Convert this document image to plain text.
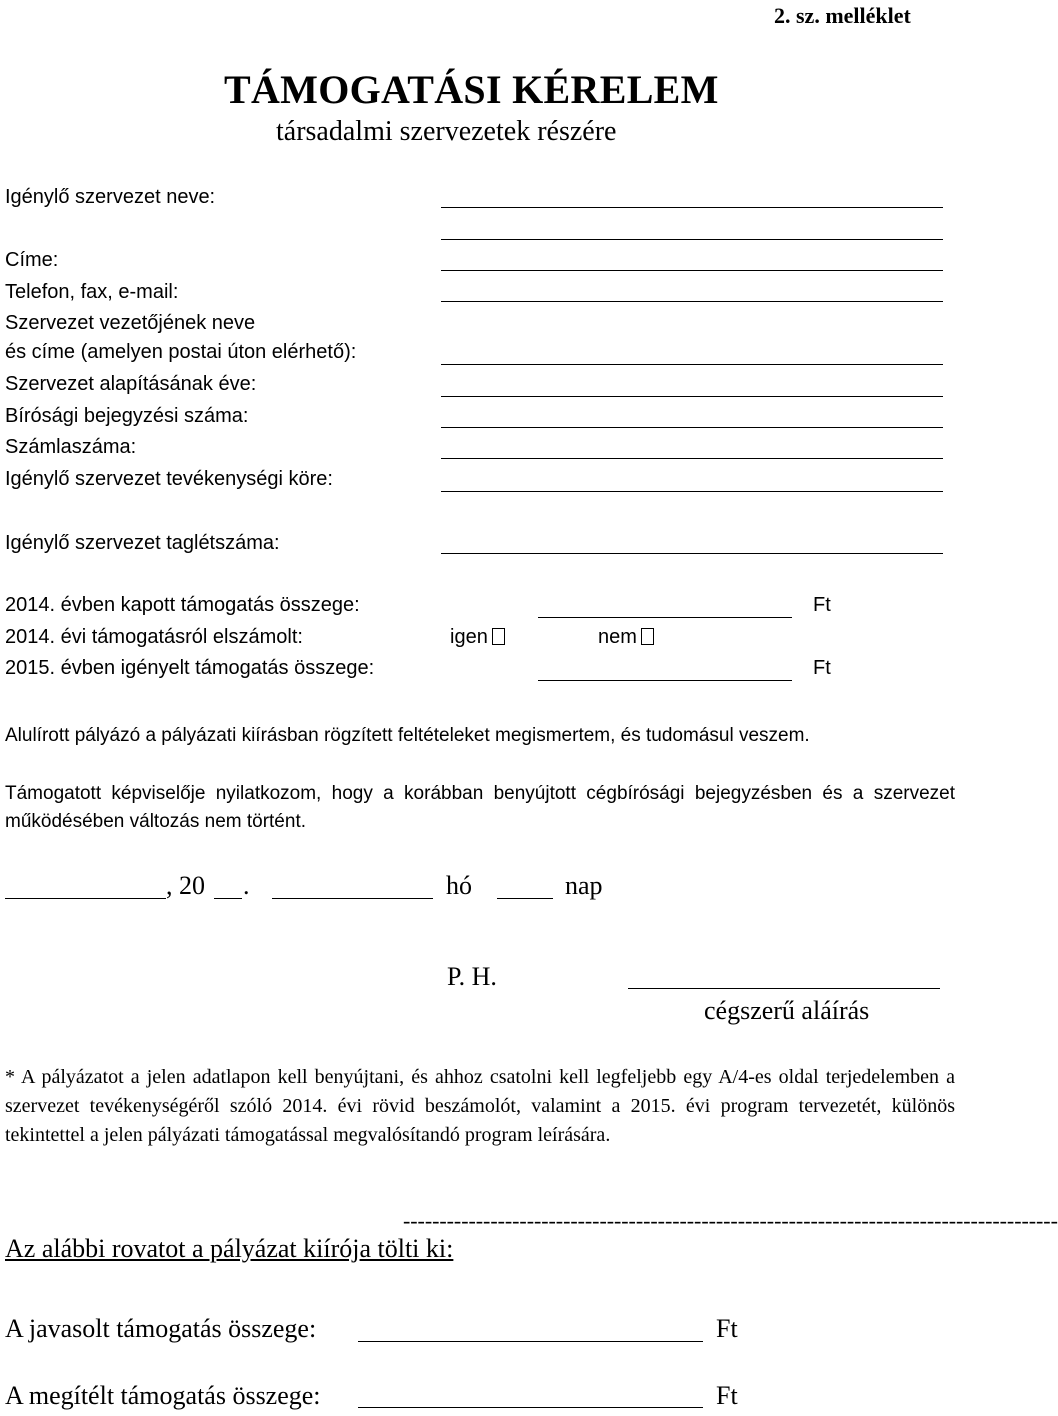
2. sz. melléklet
TÁMOGATÁSI KÉRELEM
társadalmi szervezetek részére
Igénylő szervezet neve:
Címe:
Telefon, fax, e-mail:
Szervezet vezetőjének neve
és címe (amelyen postai úton elérhető):
Szervezet alapításának éve:
Bírósági bejegyzési száma:
Számlaszáma:
Igénylő szervezet tevékenységi köre:
Igénylő szervezet taglétszáma:
2014. évben kapott támogatás összege:	Ft
2014. évi támogatásról elszámolt:	igen	nem
2015. évben igényelt támogatás összege:	Ft
Alulírott pályázó a pályázati kiírásban rögzített feltételeket megismertem, és tudomásul veszem.
Támogatott képviselője nyilatkozom, hogy a korábban benyújtott cégbírósági bejegyzésben és a szervezet működésében változás nem történt.
, 20 .	hó	nap
P. H.
cégszerű aláírás
* A pályázatot a jelen adatlapon kell benyújtani, és ahhoz csatolni kell legfeljebb egy A/4-es oldal terjedelemben a szervezet tevékenységéről szóló 2014. évi rövid beszámolót, valamint a 2015. évi program tervezetét, különös tekintettel a jelen pályázati támogatással megvalósítandó program leírására.
------------------------------------------------------------------------------------------
Az alábbi rovatot a pályázat kiírója tölti ki:
A javasolt támogatás összege:	Ft
A megítélt támogatás összege:	Ft
